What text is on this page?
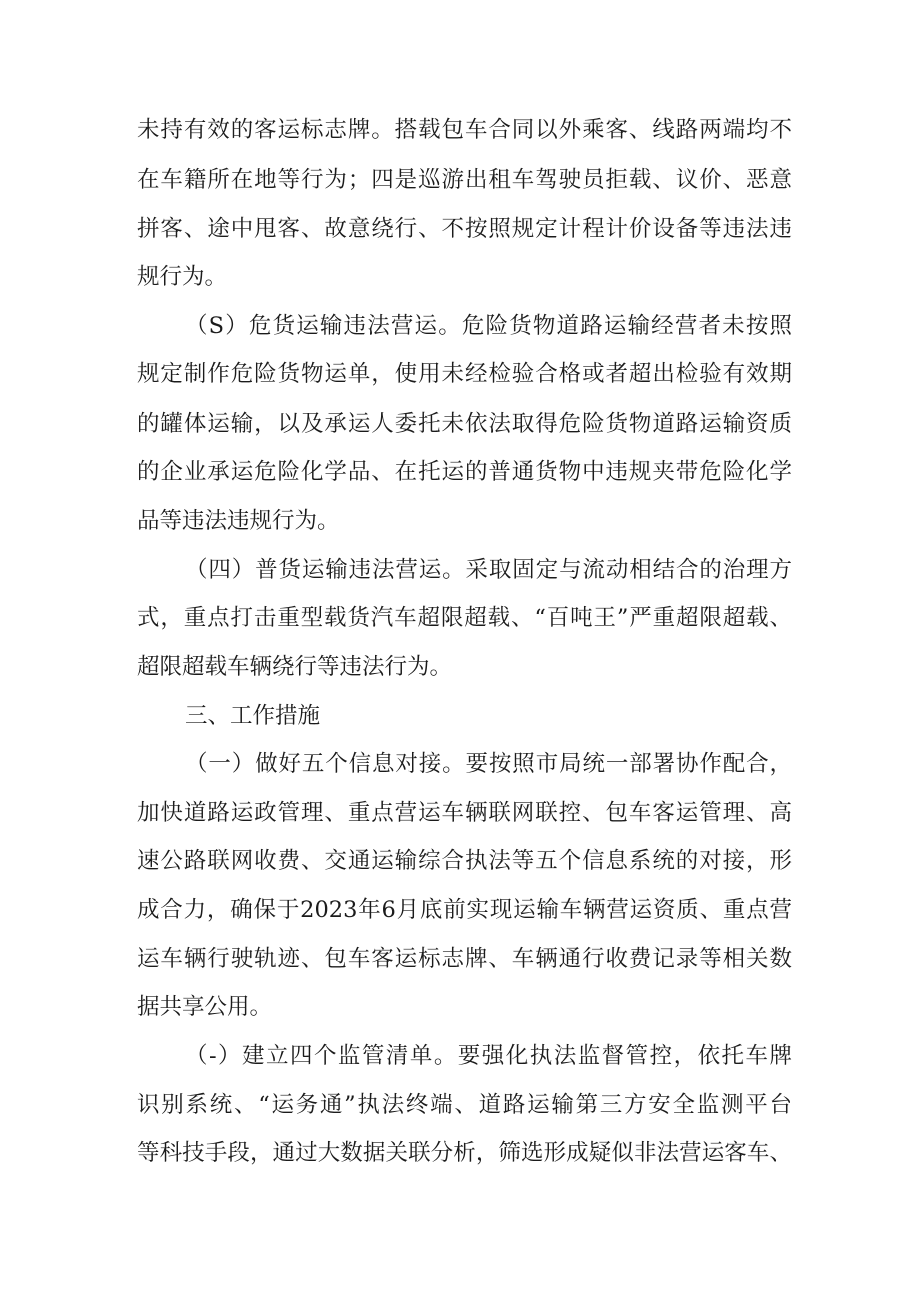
未持有效的客运标志牌。搭载包车合同以外乘客、线路两端均不
在车籍所在地等行为；四是巡游出租车驾驶员拒载、议价、恶意
拼客、途中甩客、故意绕行、不按照规定计程计价设备等违法违
规行为。
（S）危货运输违法营运。危险货物道路运输经营者未按照
规定制作危险货物运单，使用未经检验合格或者超出检验有效期
的罐体运输，以及承运人委托未依法取得危险货物道路运输资质
的企业承运危险化学品、在托运的普通货物中违规夹带危险化学
品等违法违规行为。
（四）普货运输违法营运。采取固定与流动相结合的治理方
式，重点打击重型载货汽车超限超载、“百吨王”严重超限超载、
超限超载车辆绕行等违法行为。
三、工作措施
（一）做好五个信息对接。要按照市局统一部署协作配合，
加快道路运政管理、重点营运车辆联网联控、包车客运管理、高
速公路联网收费、交通运输综合执法等五个信息系统的对接，形
成合力，确保于2023年6月底前实现运输车辆营运资质、重点营
运车辆行驶轨迹、包车客运标志牌、车辆通行收费记录等相关数
据共享公用。
（-）建立四个监管清单。要强化执法监督管控，依托车牌
识别系统、“运务通”执法终端、道路运输第三方安全监测平台
等科技手段，通过大数据关联分析，筛选形成疑似非法营运客车、
